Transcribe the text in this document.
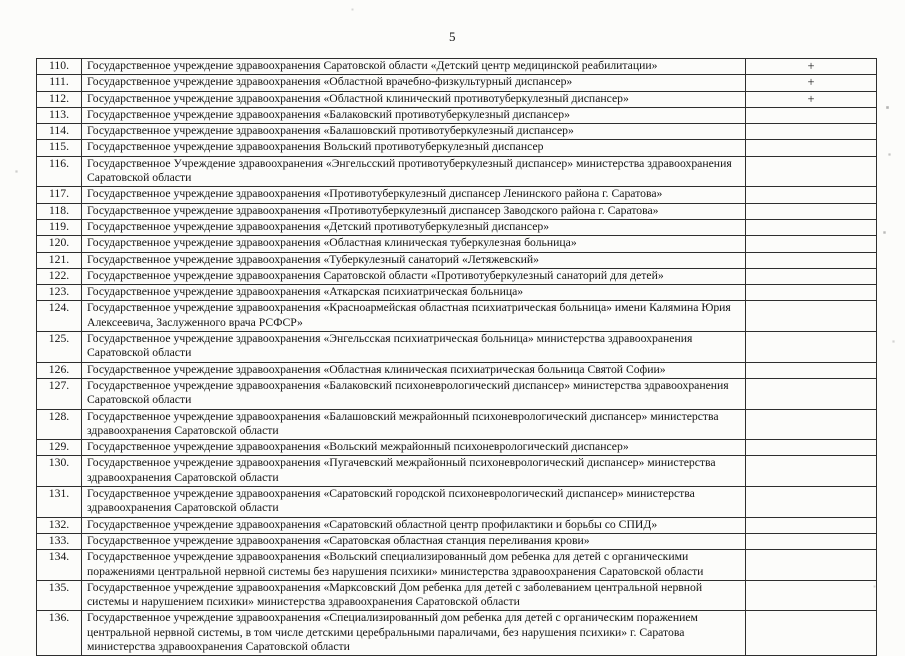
5
110.	Государственное учреждение здравоохранения Саратовской области «Детский центр медицинской реабилитации»	+
111.	Государственное учреждение здравоохранения «Областной врачебно-физкультурный диспансер»	+
112.	Государственное учреждение здравоохранения «Областной клинический противотуберкулезный диспансер»	+
113.	Государственное учреждение здравоохранения «Балаковский противотуберкулезный диспансер»	
114.	Государственное учреждение здравоохранения «Балашовский противотуберкулезный диспансер»	
115.	Государственное учреждение здравоохранения Вольский противотуберкулезный диспансер	
116.	Государственное Учреждение здравоохранения «Энгельсский противотуберкулезный диспансер» министерства здравоохранения Саратовской области	
117.	Государственное учреждение здравоохранения «Противотуберкулезный диспансер Ленинского района г. Саратова»	
118.	Государственное учреждение здравоохранения «Противотуберкулезный диспансер Заводского района г. Саратова»	
119.	Государственное учреждение здравоохранения «Детский противотуберкулезный диспансер»	
120.	Государственное учреждение здравоохранения «Областная клиническая туберкулезная больница»	
121.	Государственное учреждение здравоохранения «Туберкулезный санаторий «Летяжевский»	
122.	Государственное учреждение здравоохранения Саратовской области «Противотуберкулезный санаторий для детей»	
123.	Государственное учреждение здравоохранения «Аткарская психиатрическая больница»	
124.	Государственное учреждение здравоохранения «Красноармейская областная психиатрическая больница» имени Калямина Юрия Алексеевича, Заслуженного врача РСФСР»	
125.	Государственное учреждение здравоохранения «Энгельсская психиатрическая больница» министерства здравоохранения Саратовской области	
126.	Государственное учреждение здравоохранения «Областная клиническая психиатрическая больница Святой Софии»	
127.	Государственное учреждение здравоохранения «Балаковский психоневрологический диспансер» министерства здравоохранения Саратовской области	
128.	Государственное учреждение здравоохранения «Балашовский межрайонный психоневрологический диспансер» министерства здравоохранения Саратовской области	
129.	Государственное учреждение здравоохранения «Вольский межрайонный психоневрологический диспансер»	
130.	Государственное учреждение здравоохранения «Пугачевский межрайонный психоневрологический диспансер» министерства здравоохранения Саратовской области	
131.	Государственное учреждение здравоохранения «Саратовский городской психоневрологический диспансер» министерства здравоохранения Саратовской области	
132.	Государственное учреждение здравоохранения «Саратовский областной центр профилактики и борьбы со СПИД»	
133.	Государственное учреждение здравоохранения «Саратовская областная станция переливания крови»	
134.	Государственное учреждение здравоохранения «Вольский специализированный дом ребенка для детей с органическими поражениями центральной нервной системы без нарушения психики» министерства здравоохранения Саратовской области	
135.	Государственное учреждение здравоохранения «Марксовский Дом ребенка для детей с заболеванием центральной нервной системы и нарушением психики» министерства здравоохранения Саратовской области	
136.	Государственное учреждение здравоохранения «Специализированный дом ребенка для детей с органическим поражением центральной нервной системы, в том числе детскими церебральными параличами, без нарушения психики» г. Саратова министерства здравоохранения Саратовской области	
